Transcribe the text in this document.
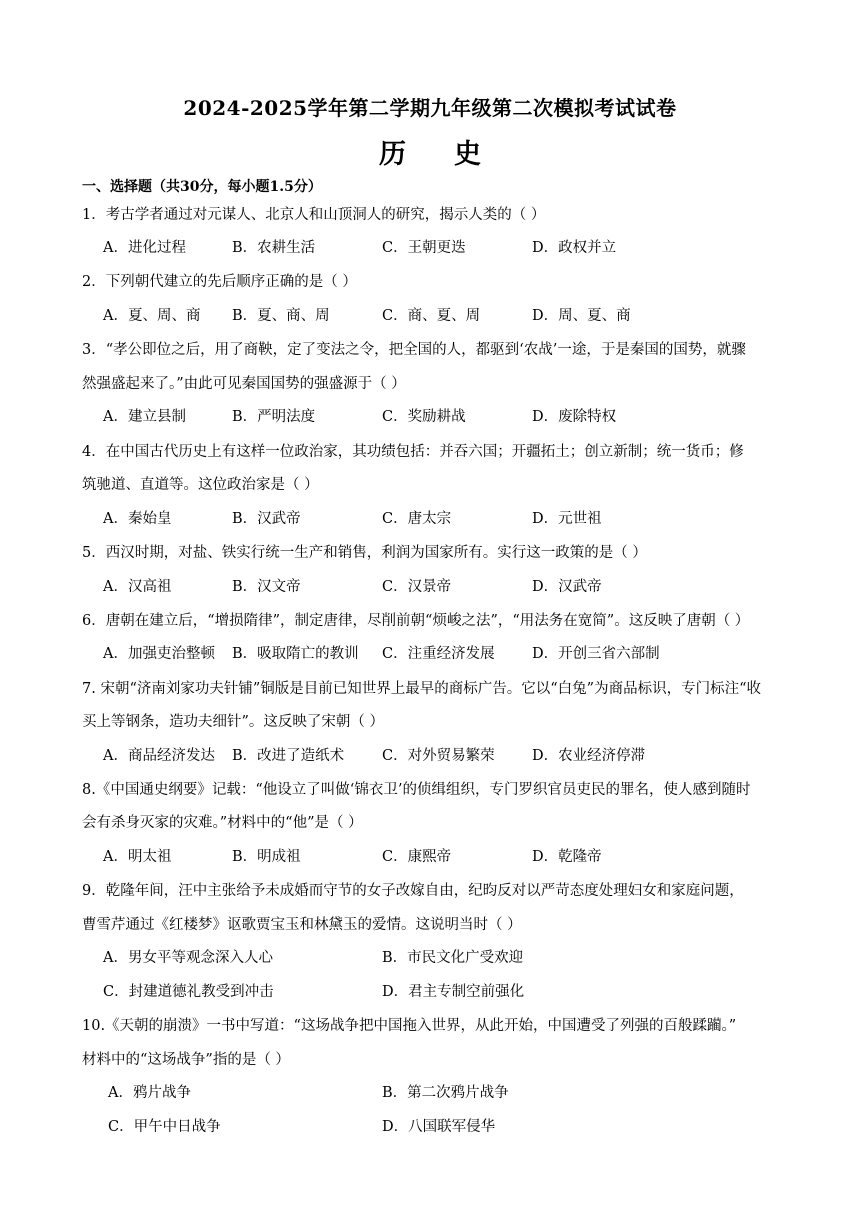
2024-2025学年第二学期九年级第二次模拟考试试卷
历 史
一、选择题（共30分，每小题1.5分）
1．考古学者通过对元谋人、北京人和山顶洞人的研究，揭示人类的（ ）
A．进化过程	B．农耕生活	C．王朝更迭	D．政权并立
2．下列朝代建立的先后顺序正确的是（ ）
A．夏、周、商 B．夏、商、周	C．商、夏、周	D．周、夏、商
3．“孝公即位之后，用了商鞅，定了变法之令，把全国的人，都驱到‘农战’一途，于是秦国的国势，就骤
然强盛起来了。”由此可见秦国国势的强盛源于（ ）
A．建立县制	B．严明法度	C．奖励耕战	D．废除特权
4．在中国古代历史上有这样一位政治家，其功绩包括：并吞六国；开疆拓土；创立新制；统一货币；修
筑驰道、直道等。这位政治家是（ ）
A．秦始皇	B．汉武帝	C．唐太宗	D．元世祖
5．西汉时期，对盐、铁实行统一生产和销售，利润为国家所有。实行这一政策的是（ ）
A．汉高祖	B．汉文帝	C．汉景帝	D．汉武帝
6．唐朝在建立后，“增损隋律”，制定唐律，尽削前朝“烦峻之法”，“用法务在宽简”。这反映了唐朝（ ）
A．加强吏治整顿 B．吸取隋亡的教训 C．注重经济发展	D．开创三省六部制
7. 宋朝“济南刘家功夫针铺”铜版是目前已知世界上最早的商标广告。它以“白兔”为商品标识，专门标注“收
买上等钢条，造功夫细针”。这反映了宋朝（ ）
A．商品经济发达 B．改进了造纸术	C．对外贸易繁荣	D．农业经济停滞
8.《中国通史纲要》记载：“他设立了叫做‘锦衣卫’的侦缉组织，专门罗织官员吏民的罪名，使人感到随时
会有杀身灭家的灾难。”材料中的“他”是（ ）
A．明太祖	B．明成祖	C．康熙帝	D．乾隆帝
9．乾隆年间，汪中主张给予未成婚而守节的女子改嫁自由，纪昀反对以严苛态度处理妇女和家庭问题，
曹雪芹通过《红楼梦》讴歌贾宝玉和林黛玉的爱情。这说明当时（ ）
A．男女平等观念深入人心	B．市民文化广受欢迎
C．封建道德礼教受到冲击	D．君主专制空前强化
10.《天朝的崩溃》一书中写道：“这场战争把中国拖入世界，从此开始，中国遭受了列强的百般蹂躏。”
材料中的“这场战争”指的是（ ）
A．鸦片战争	B．第二次鸦片战争
C．甲午中日战争	D．八国联军侵华
